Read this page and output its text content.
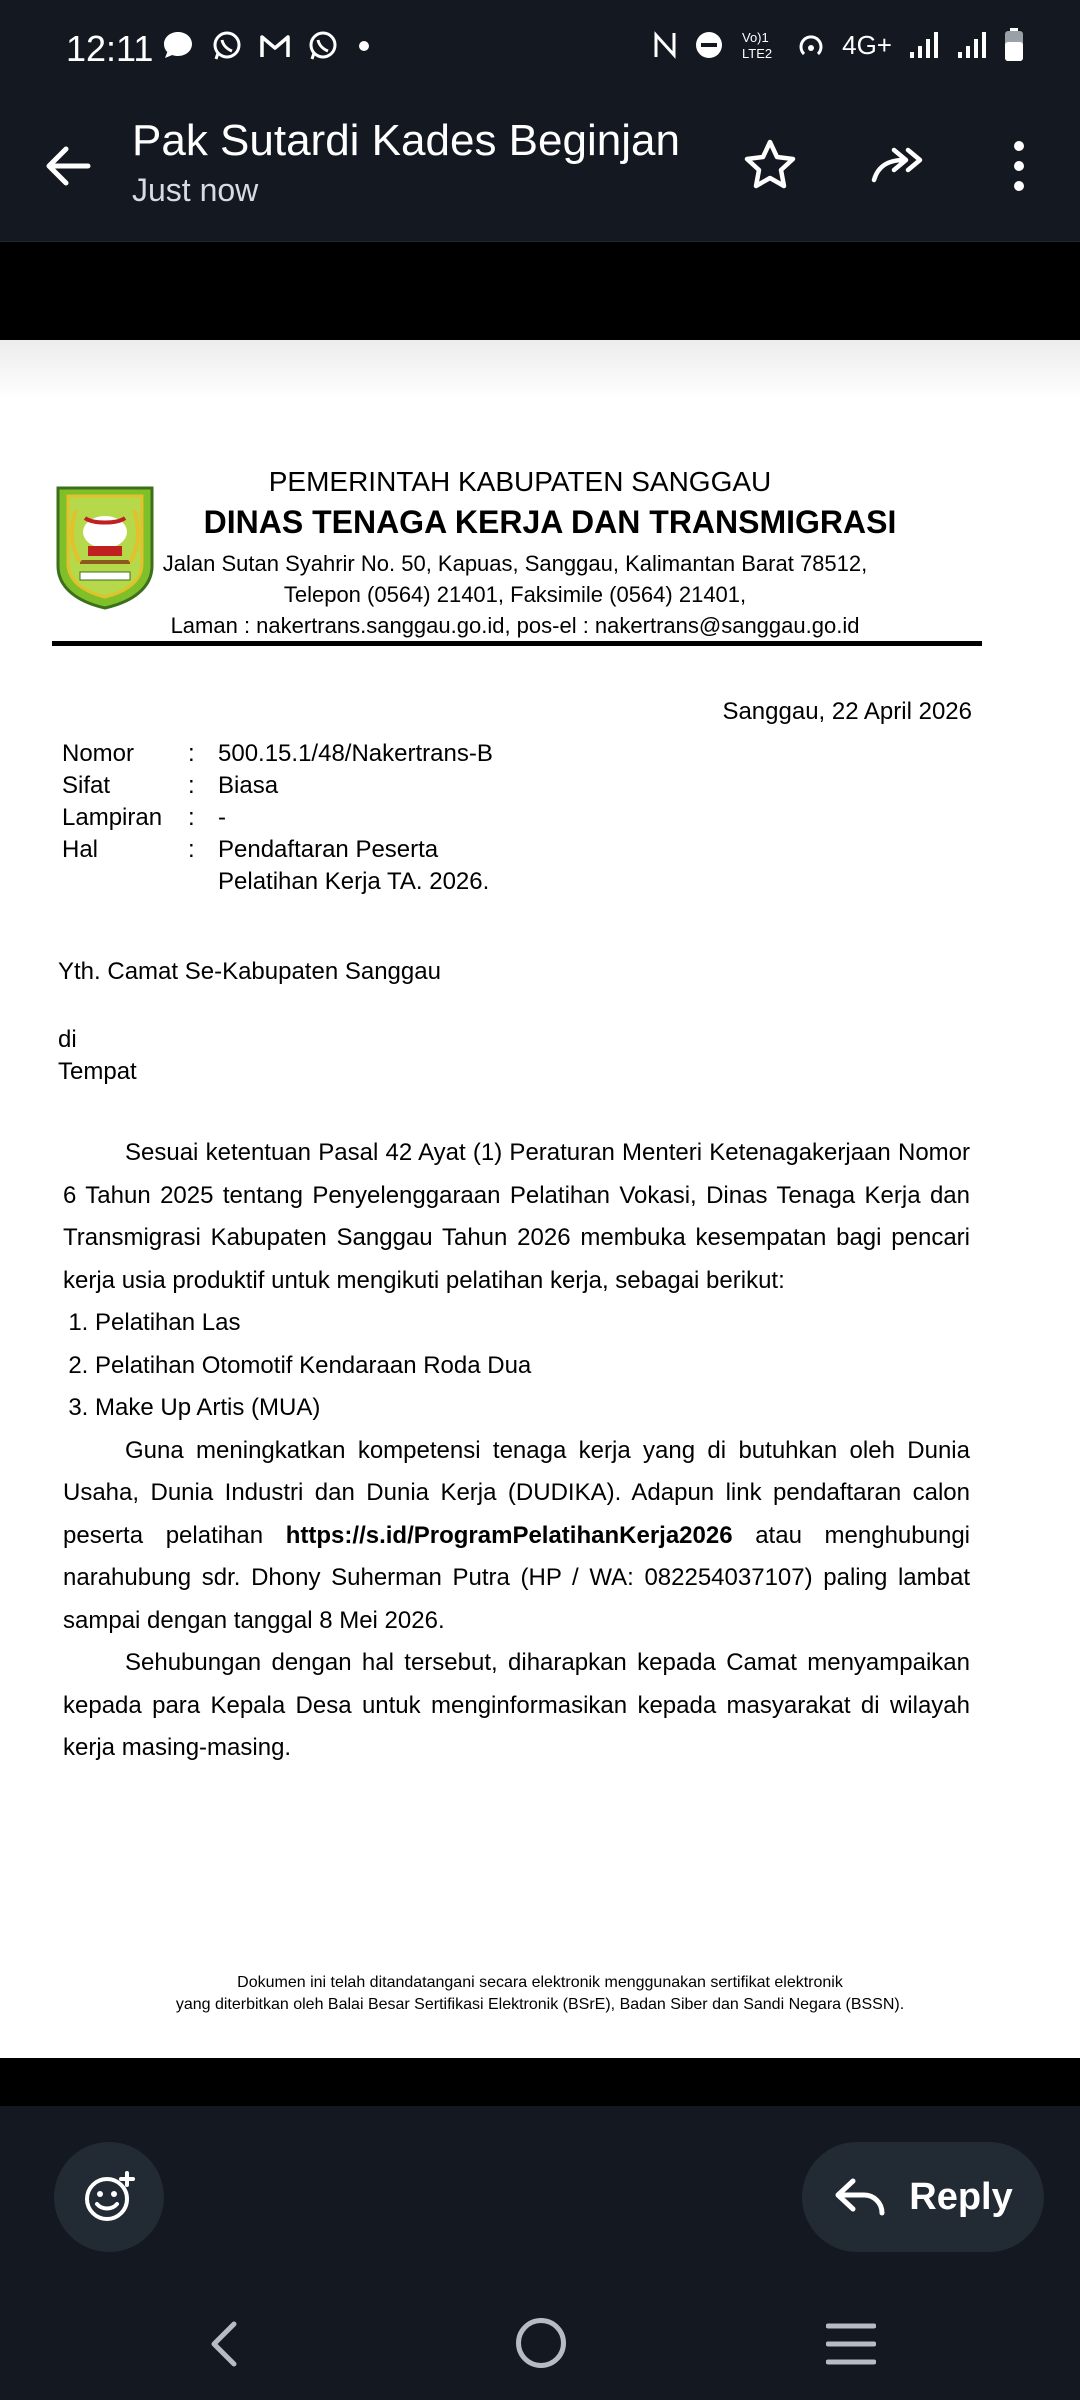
12:11	Vo)1
LTE2	4G+
Pak Sutardi Kades Beginjan
Just now
PEMERINTAH KABUPATEN SANGGAU
DINAS TENAGA KERJA DAN TRANSMIGRASI
Jalan Sutan Syahrir No. 50, Kapuas, Sanggau, Kalimantan Barat 78512,
Telepon (0564) 21401, Faksimile (0564) 21401,
Laman : nakertrans.sanggau.go.id, pos-el : nakertrans@sanggau.go.id
Sanggau, 22 April 2026
Nomor	: 500.15.1/48/Nakertrans-B
Sifat	: Biasa
Lampiran	: -
Hal	: Pendaftaran Peserta
Pelatihan Kerja TA. 2026.
Yth. Camat Se-Kabupaten Sanggau
di
Tempat

Sesuai ketentuan Pasal 42 Ayat (1) Peraturan Menteri Ketenagakerjaan Nomor 6 Tahun 2025 tentang Penyelenggaraan Pelatihan Vokasi, Dinas Tenaga Kerja dan Transmigrasi Kabupaten Sanggau Tahun 2026 membuka kesempatan bagi pencari kerja usia produktif untuk mengikuti pelatihan kerja, sebagai berikut:

1. Pelatihan Las
2. Pelatihan Otomotif Kendaraan Roda Dua
3. Make Up Artis (MUA)

Guna meningkatkan kompetensi tenaga kerja yang di butuhkan oleh Dunia Usaha, Dunia Industri dan Dunia Kerja (DUDIKA). Adapun link pendaftaran calon peserta pelatihan https://s.id/ProgramPelatihanKerja2026 atau menghubungi narahubung sdr. Dhony Suherman Putra (HP / WA: 082254037107) paling lambat sampai dengan tanggal 8 Mei 2026.

Sehubungan dengan hal tersebut, diharapkan kepada Camat menyampaikan kepada para Kepala Desa untuk menginformasikan kepada masyarakat di wilayah kerja masing-masing.

Dokumen ini telah ditandatangani secara elektronik menggunakan sertifikat elektronik
yang diterbitkan oleh Balai Besar Sertifikasi Elektronik (BSrE), Badan Siber dan Sandi Negara (BSSN).
Reply
